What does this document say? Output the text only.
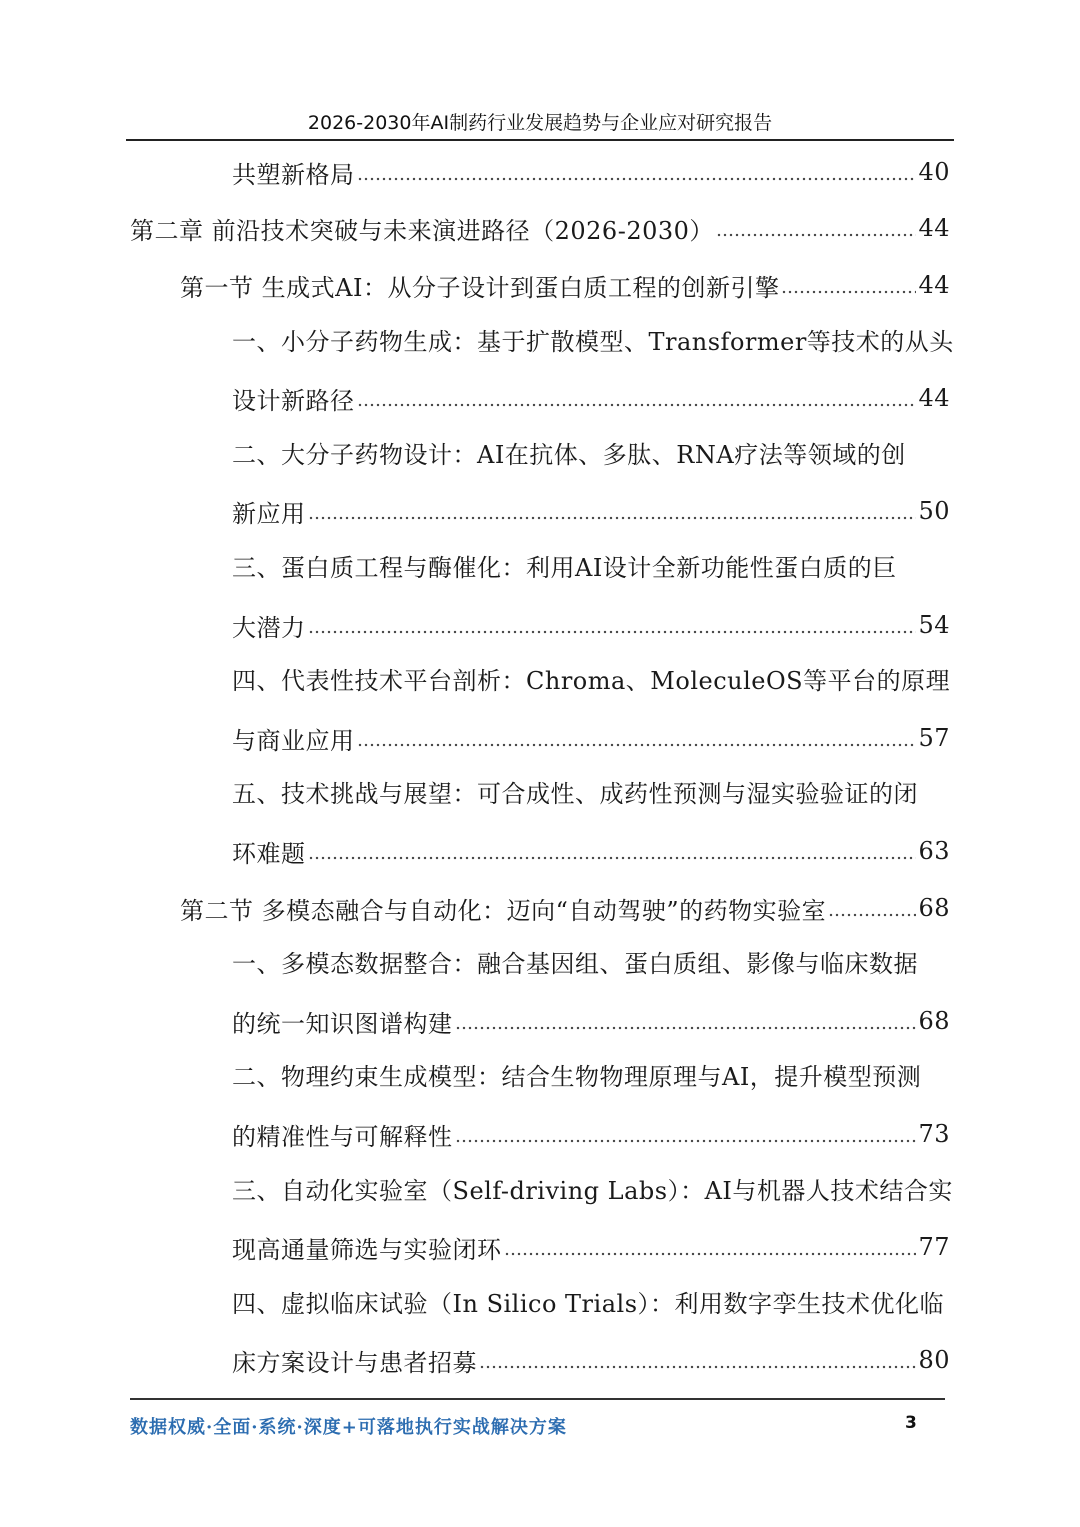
2026-2030年AI制药行业发展趋势与企业应对研究报告
共塑新格局	40
第二章 前沿技术突破与未来演进路径（2026-2030）	44
第一节 生成式AI：从分子设计到蛋白质工程的创新引擎	44
一、小分子药物生成：基于扩散模型、Transformer等技术的从头
设计新路径	44
二、大分子药物设计：AI在抗体、多肽、RNA疗法等领域的创
新应用	50
三、蛋白质工程与酶催化：利用AI设计全新功能性蛋白质的巨
大潜力	54
四、代表性技术平台剖析：Chroma、MoleculeOS等平台的原理
与商业应用	57
五、技术挑战与展望：可合成性、成药性预测与湿实验验证的闭
环难题	63
第二节 多模态融合与自动化：迈向“自动驾驶”的药物实验室	68
一、多模态数据整合：融合基因组、蛋白质组、影像与临床数据
的统一知识图谱构建	68
二、物理约束生成模型：结合生物物理原理与AI，提升模型预测
的精准性与可解释性	73
三、自动化实验室（Self-driving Labs）：AI与机器人技术结合实
现高通量筛选与实验闭环	77
四、虚拟临床试验（In Silico Trials）：利用数字孪生技术优化临
床方案设计与患者招募	80
数据权威·全面·系统·深度+可落地执行实战解决方案	3
